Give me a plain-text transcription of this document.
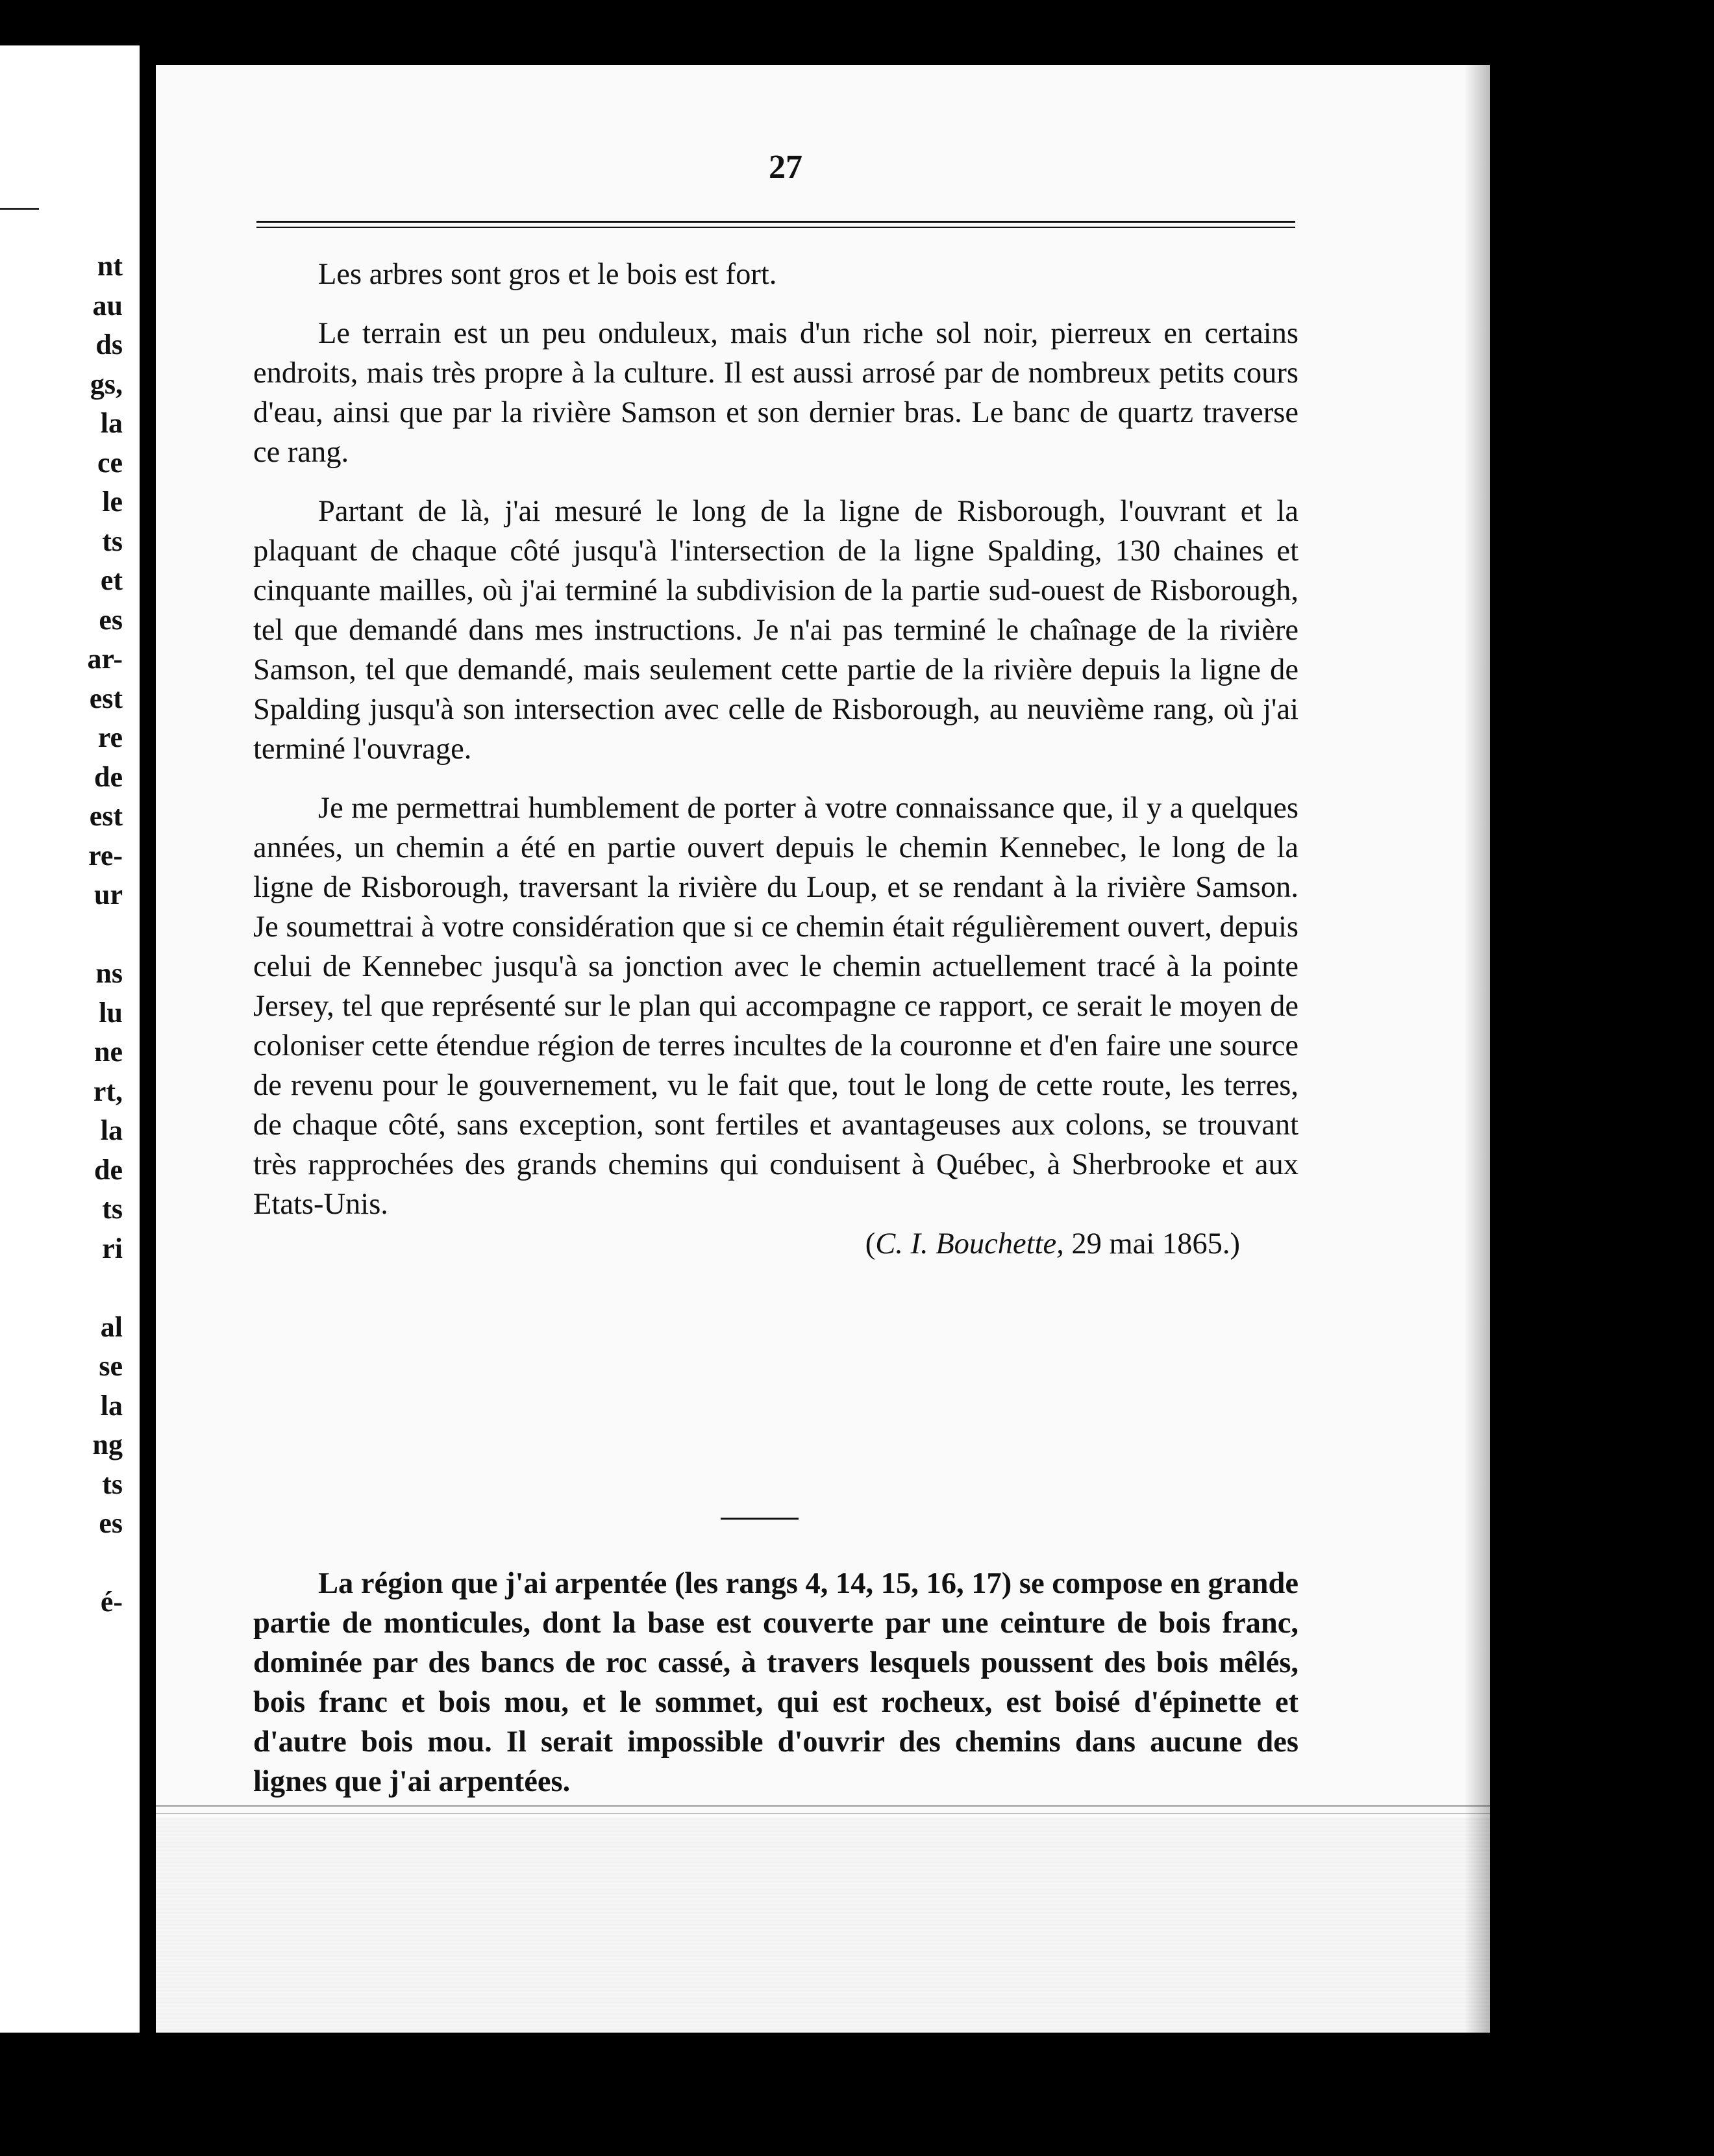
nt
au
ds
gs,
la
ce
le
ts
et
es
ar-
est
re
de
est
re-
ur
ns
lu
ne
rt,
la
de
ts
ri
al
se
la
ng
ts
es
é-
27

Les arbres sont gros et le bois est fort.

Le terrain est un peu onduleux, mais d'un riche sol noir, pierreux en certains endroits, mais très propre à la culture. Il est aussi arrosé par de nombreux petits cours d'eau, ainsi que par la rivière Samson et son dernier bras. Le banc de quartz traverse ce rang.

Partant de là, j'ai mesuré le long de la ligne de Risborough, l'ouvrant et la plaquant de chaque côté jusqu'à l'intersection de la ligne Spalding, 130 chaines et cinquante mailles, où j'ai terminé la subdivision de la partie sud-ouest de Risborough, tel que demandé dans mes instructions. Je n'ai pas terminé le chaînage de la rivière Samson, tel que demandé, mais seulement cette partie de la rivière depuis la ligne de Spalding jusqu'à son intersection avec celle de Risborough, au neuvième rang, où j'ai terminé l'ouvrage.

Je me permettrai humblement de porter à votre connaissance que, il y a quelques années, un chemin a été en partie ouvert depuis le chemin Kennebec, le long de la ligne de Risborough, traversant la rivière du Loup, et se rendant à la rivière Samson. Je soumettrai à votre considération que si ce chemin était régulièrement ouvert, depuis celui de Kennebec jusqu'à sa jonction avec le chemin actuellement tracé à la pointe Jersey, tel que représenté sur le plan qui accompagne ce rapport, ce serait le moyen de coloniser cette étendue région de terres incultes de la couronne et d'en faire une source de revenu pour le gouvernement, vu le fait que, tout le long de cette route, les terres, de chaque côté, sans exception, sont fertiles et avantageuses aux colons, se trouvant très rapprochées des grands chemins qui conduisent à Québec, à Sherbrooke et aux Etats-Unis.

(C. I. Bouchette, 29 mai 1865.)

La région que j'ai arpentée (les rangs 4, 14, 15, 16, 17) se compose en grande partie de monticules, dont la base est couverte par une ceinture de bois franc, dominée par des bancs de roc cassé, à travers lesquels poussent des bois mêlés, bois franc et bois mou, et le sommet, qui est rocheux, est boisé d'épinette et d'autre bois mou. Il serait impossible d'ouvrir des chemins dans aucune des lignes que j'ai arpentées.
